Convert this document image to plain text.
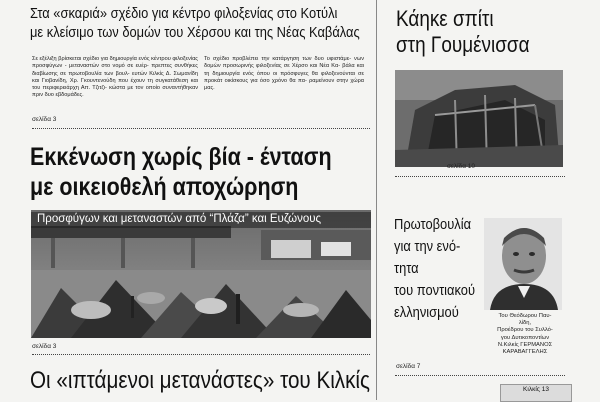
Στα «σκαριά» σχέδιο για κέντρο φιλοξενίας στο Κοτύλι
με κλείσιμο των δομών του Χέρσου και της Νέας Καβάλας
Σε εξέλιξη βρίσκεται σχέδιο για δημιουργία ενός κέντρου φιλοξενίας προσφύγων - μεταναστών στο νομό σε ευέρ- πρεπτες συνθήκες διαβίωσης σε πρωτοβουλία των βουλ- ευτών Κιλκίς Δ. Σωμανίδη και Γιοβανίδη, Χρ. Γκουντενούδη που έχουν τη συγκατάθεση και του περιφερειάρχη Απ. Τζιτζι- κώστα με τον οποίο συναντήθηκαν πριν δυο εβδομάδες.
Το σχέδιο προβλέπει την κατάργηση των δυο υφιστάμε- νων δομών προσωρινής φιλοξενίας σε Χέρσο και Νέα Κα- βάλα και τη δημιουργία ενός όπου οι πρόσφυγες θα φιλοξενούνται σε προκάτ οικίσκους για όσο χρόνο θα πα- ραμείνουν στην χώρα μας.
σελίδα 3
Εκκένωση χωρίς βία - ένταση
με οικειοθελή αποχώρηση
Προσφύγων και μεταναστών από “Πλάζα” και Ευζώνους
σελίδα 3
Οι «ιπτάμενοι μετανάστες» του Κιλκίς
Κάηκε σπίτι
στη Γουμένισσα
σελίδα 10
Πρωτοβουλία
για την ενό-
τητα
του ποντιακού
ελληνισμού	Του Θεόδωρου Παυ-
λίδη,
Προέδρου του Συλλό-
γου Δυτικοποντίων
Ν.Κιλκίς ΓΕΡΜΑΝΟΣ
ΚΑΡΑΒΑΓΓΕΛΗΣ
σελίδα 7
Κιλκίς 13
